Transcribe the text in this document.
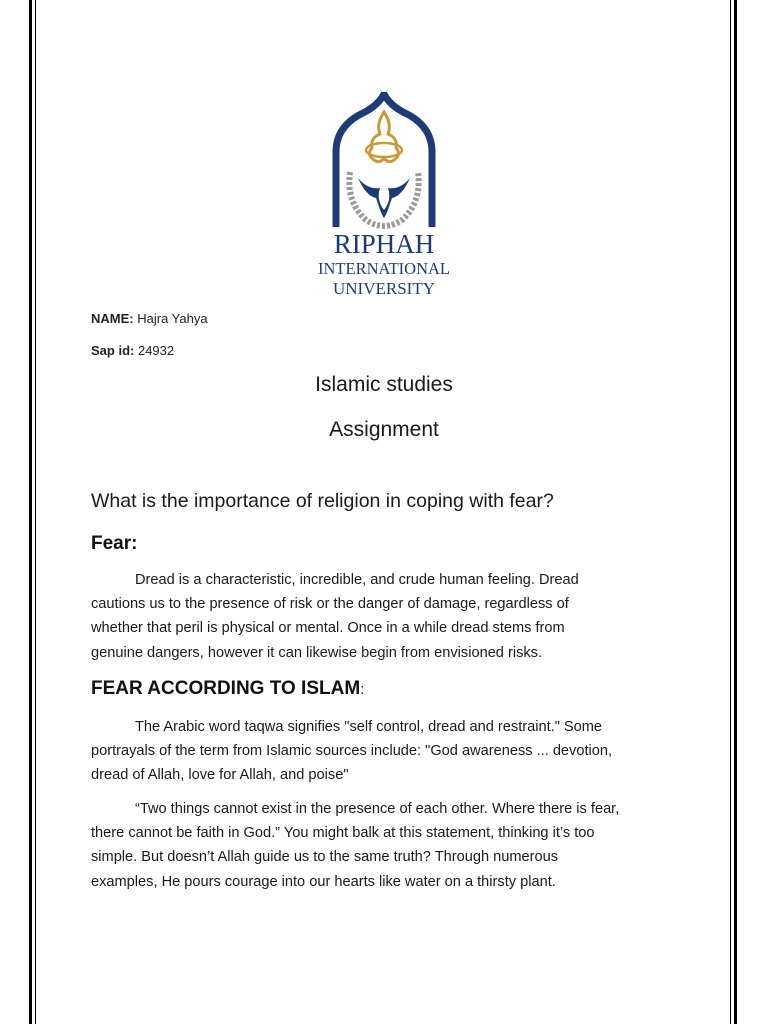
RIPHAH
INTERNATIONAL
UNIVERSITY
NAME: Hajra Yahya
Sap id: 24932
Islamic studies
Assignment
What is the importance of religion in coping with fear?
Fear:
Dread is a characteristic, incredible, and crude human feeling. Dread
cautions us to the presence of risk or the danger of damage, regardless of
whether that peril is physical or mental. Once in a while dread stems from
genuine dangers, however it can likewise begin from envisioned risks.
FEAR ACCORDING TO ISLAM:
The Arabic word taqwa signifies "self control, dread and restraint." Some
portrayals of the term from Islamic sources include: "God awareness ... devotion,
dread of Allah, love for Allah, and poise"
“Two things cannot exist in the presence of each other. Where there is fear,
there cannot be faith in God.” You might balk at this statement, thinking it’s too
simple. But doesn’t Allah guide us to the same truth? Through numerous
examples, He pours courage into our hearts like water on a thirsty plant.
